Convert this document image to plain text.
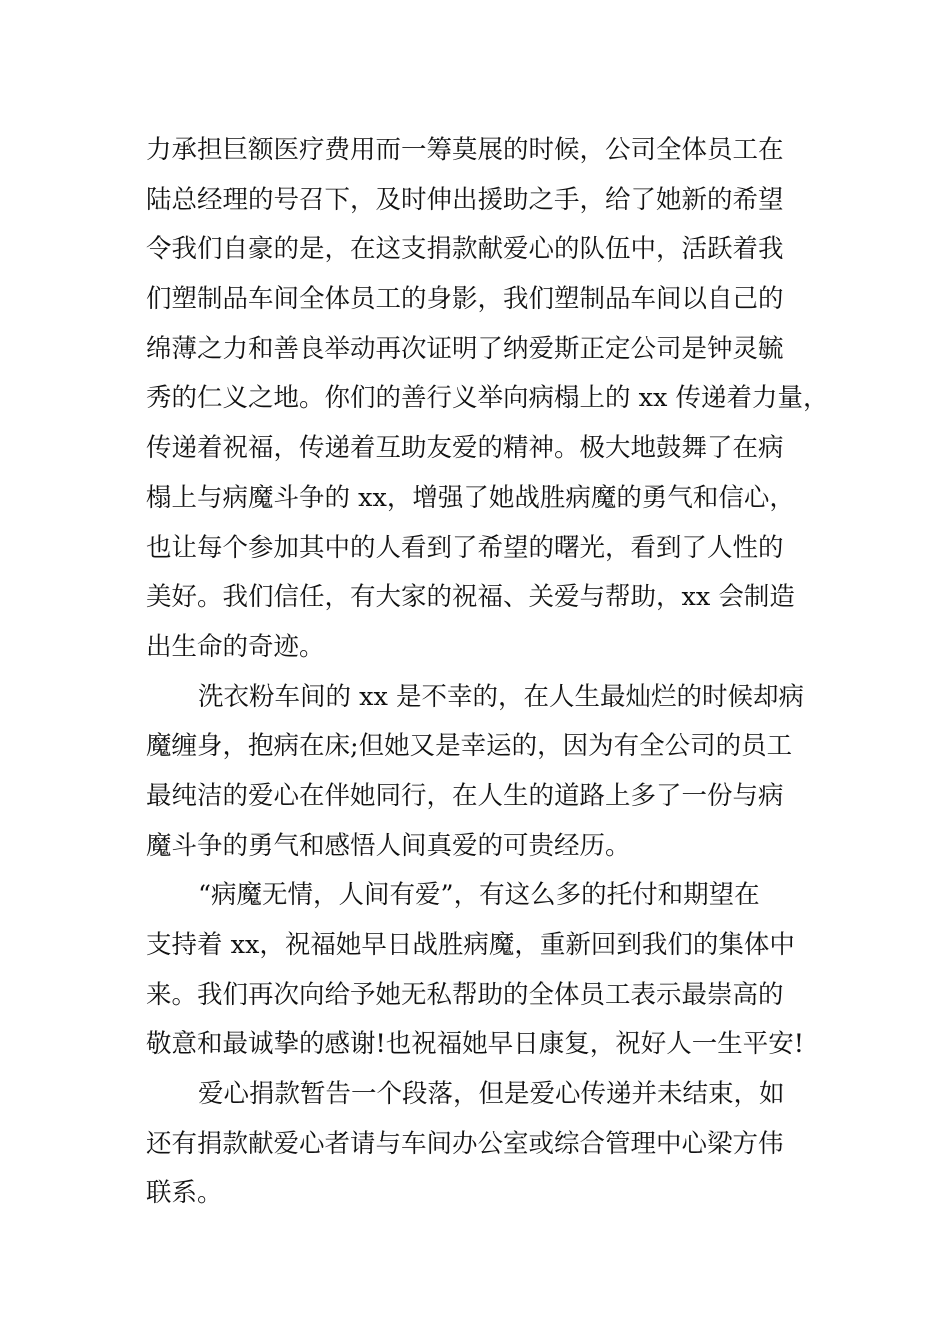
力承担巨额医疗费用而一筹莫展的时候，公司全体员工在
陆总经理的号召下，及时伸出援助之手，给了她新的希望
令我们自豪的是，在这支捐款献爱心的队伍中，活跃着我
们塑制品车间全体员工的身影，我们塑制品车间以自己的
绵薄之力和善良举动再次证明了纳爱斯正定公司是钟灵毓
秀的仁义之地。你们的善行义举向病榻上的 xx 传递着力量，
传递着祝福，传递着互助友爱的精神。极大地鼓舞了在病
榻上与病魔斗争的 xx，增强了她战胜病魔的勇气和信心，
也让每个参加其中的人看到了希望的曙光，看到了人性的
美好。我们信任，有大家的祝福、关爱与帮助，xx 会制造
出生命的奇迹。
洗衣粉车间的 xx 是不幸的，在人生最灿烂的时候却病
魔缠身，抱病在床;但她又是幸运的，因为有全公司的员工
最纯洁的爱心在伴她同行，在人生的道路上多了一份与病
魔斗争的勇气和感悟人间真爱的可贵经历。
“病魔无情，人间有爱”，有这么多的托付和期望在
支持着 xx，祝福她早日战胜病魔，重新回到我们的集体中
来。我们再次向给予她无私帮助的全体员工表示最崇高的
敬意和最诚挚的感谢!也祝福她早日康复，祝好人一生平安!
爱心捐款暂告一个段落，但是爱心传递并未结束，如
还有捐款献爱心者请与车间办公室或综合管理中心梁方伟
联系。
